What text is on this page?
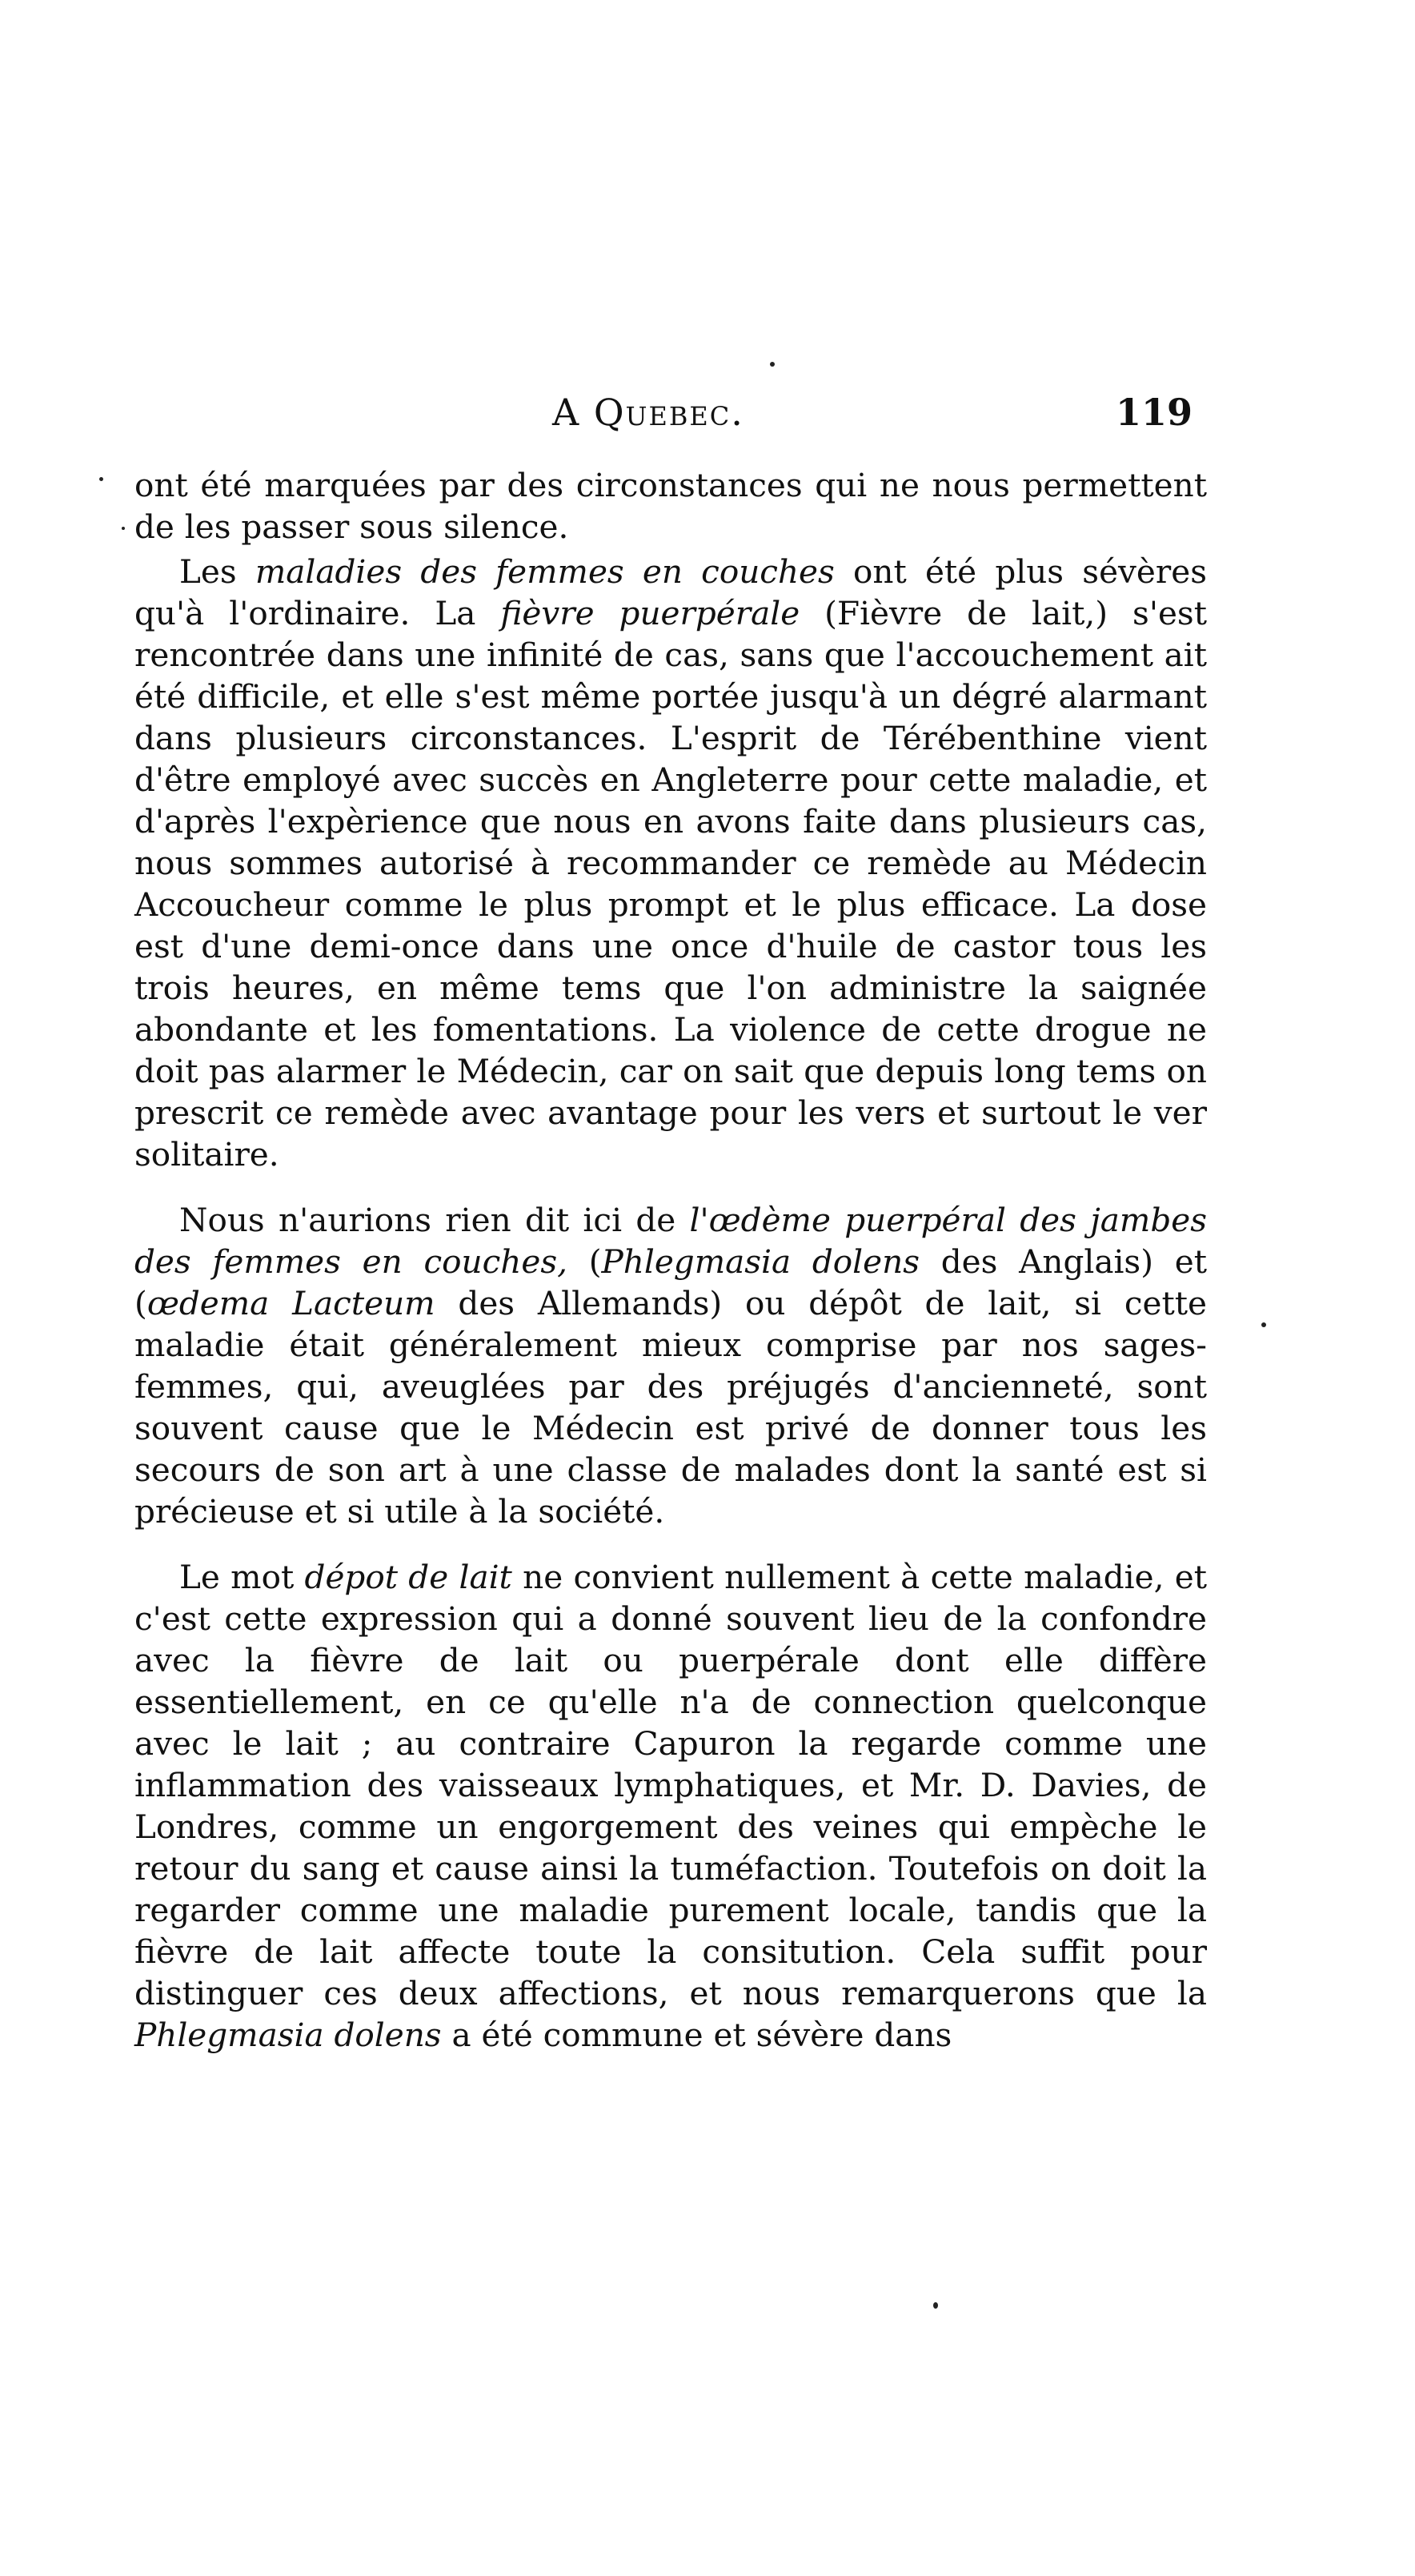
A Quebec.	119

ont été marquées par des circonstances qui ne nous permettent de les passer sous silence.

Les maladies des femmes en couches ont été plus sévères qu'à l'ordinaire. La fièvre puerpérale (Fièvre de lait,) s'est rencontrée dans une infinité de cas, sans que l'accouchement ait été difficile, et elle s'est même portée jusqu'à un dégré alarmant dans plusieurs circonstances. L'esprit de Térébenthine vient d'être employé avec succès en Angleterre pour cette maladie, et d'après l'expèrience que nous en avons faite dans plusieurs cas, nous sommes autorisé à recommander ce remède au Médecin Accoucheur comme le plus prompt et le plus efficace. La dose est d'une demi-once dans une once d'huile de castor tous les trois heures, en même tems que l'on administre la saignée abondante et les fomentations. La violence de cette drogue ne doit pas alarmer le Médecin, car on sait que depuis long tems on prescrit ce remède avec avantage pour les vers et surtout le ver solitaire.

Nous n'aurions rien dit ici de l'œdème puerpéral des jambes des femmes en couches, (Phlegmasia dolens des Anglais) et (œdema Lacteum des Allemands) ou dépôt de lait, si cette maladie était généralement mieux comprise par nos sages-femmes, qui, aveuglées par des préjugés d'ancienneté, sont souvent cause que le Médecin est privé de donner tous les secours de son art à une classe de malades dont la santé est si précieuse et si utile à la société.

Le mot dépot de lait ne convient nullement à cette maladie, et c'est cette expression qui a donné souvent lieu de la confondre avec la fièvre de lait ou puerpérale dont elle diffère essentiellement, en ce qu'elle n'a de connection quelconque avec le lait ; au contraire Capuron la regarde comme une inflammation des vaisseaux lymphatiques, et Mr. D. Davies, de Londres, comme un engorgement des veines qui empèche le retour du sang et cause ainsi la tuméfaction. Toutefois on doit la regarder comme une maladie purement locale, tandis que la fièvre de lait affecte toute la consitution. Cela suffit pour distinguer ces deux affections, et nous remarquerons que la Phlegmasia dolens a été commune et sévère dans
